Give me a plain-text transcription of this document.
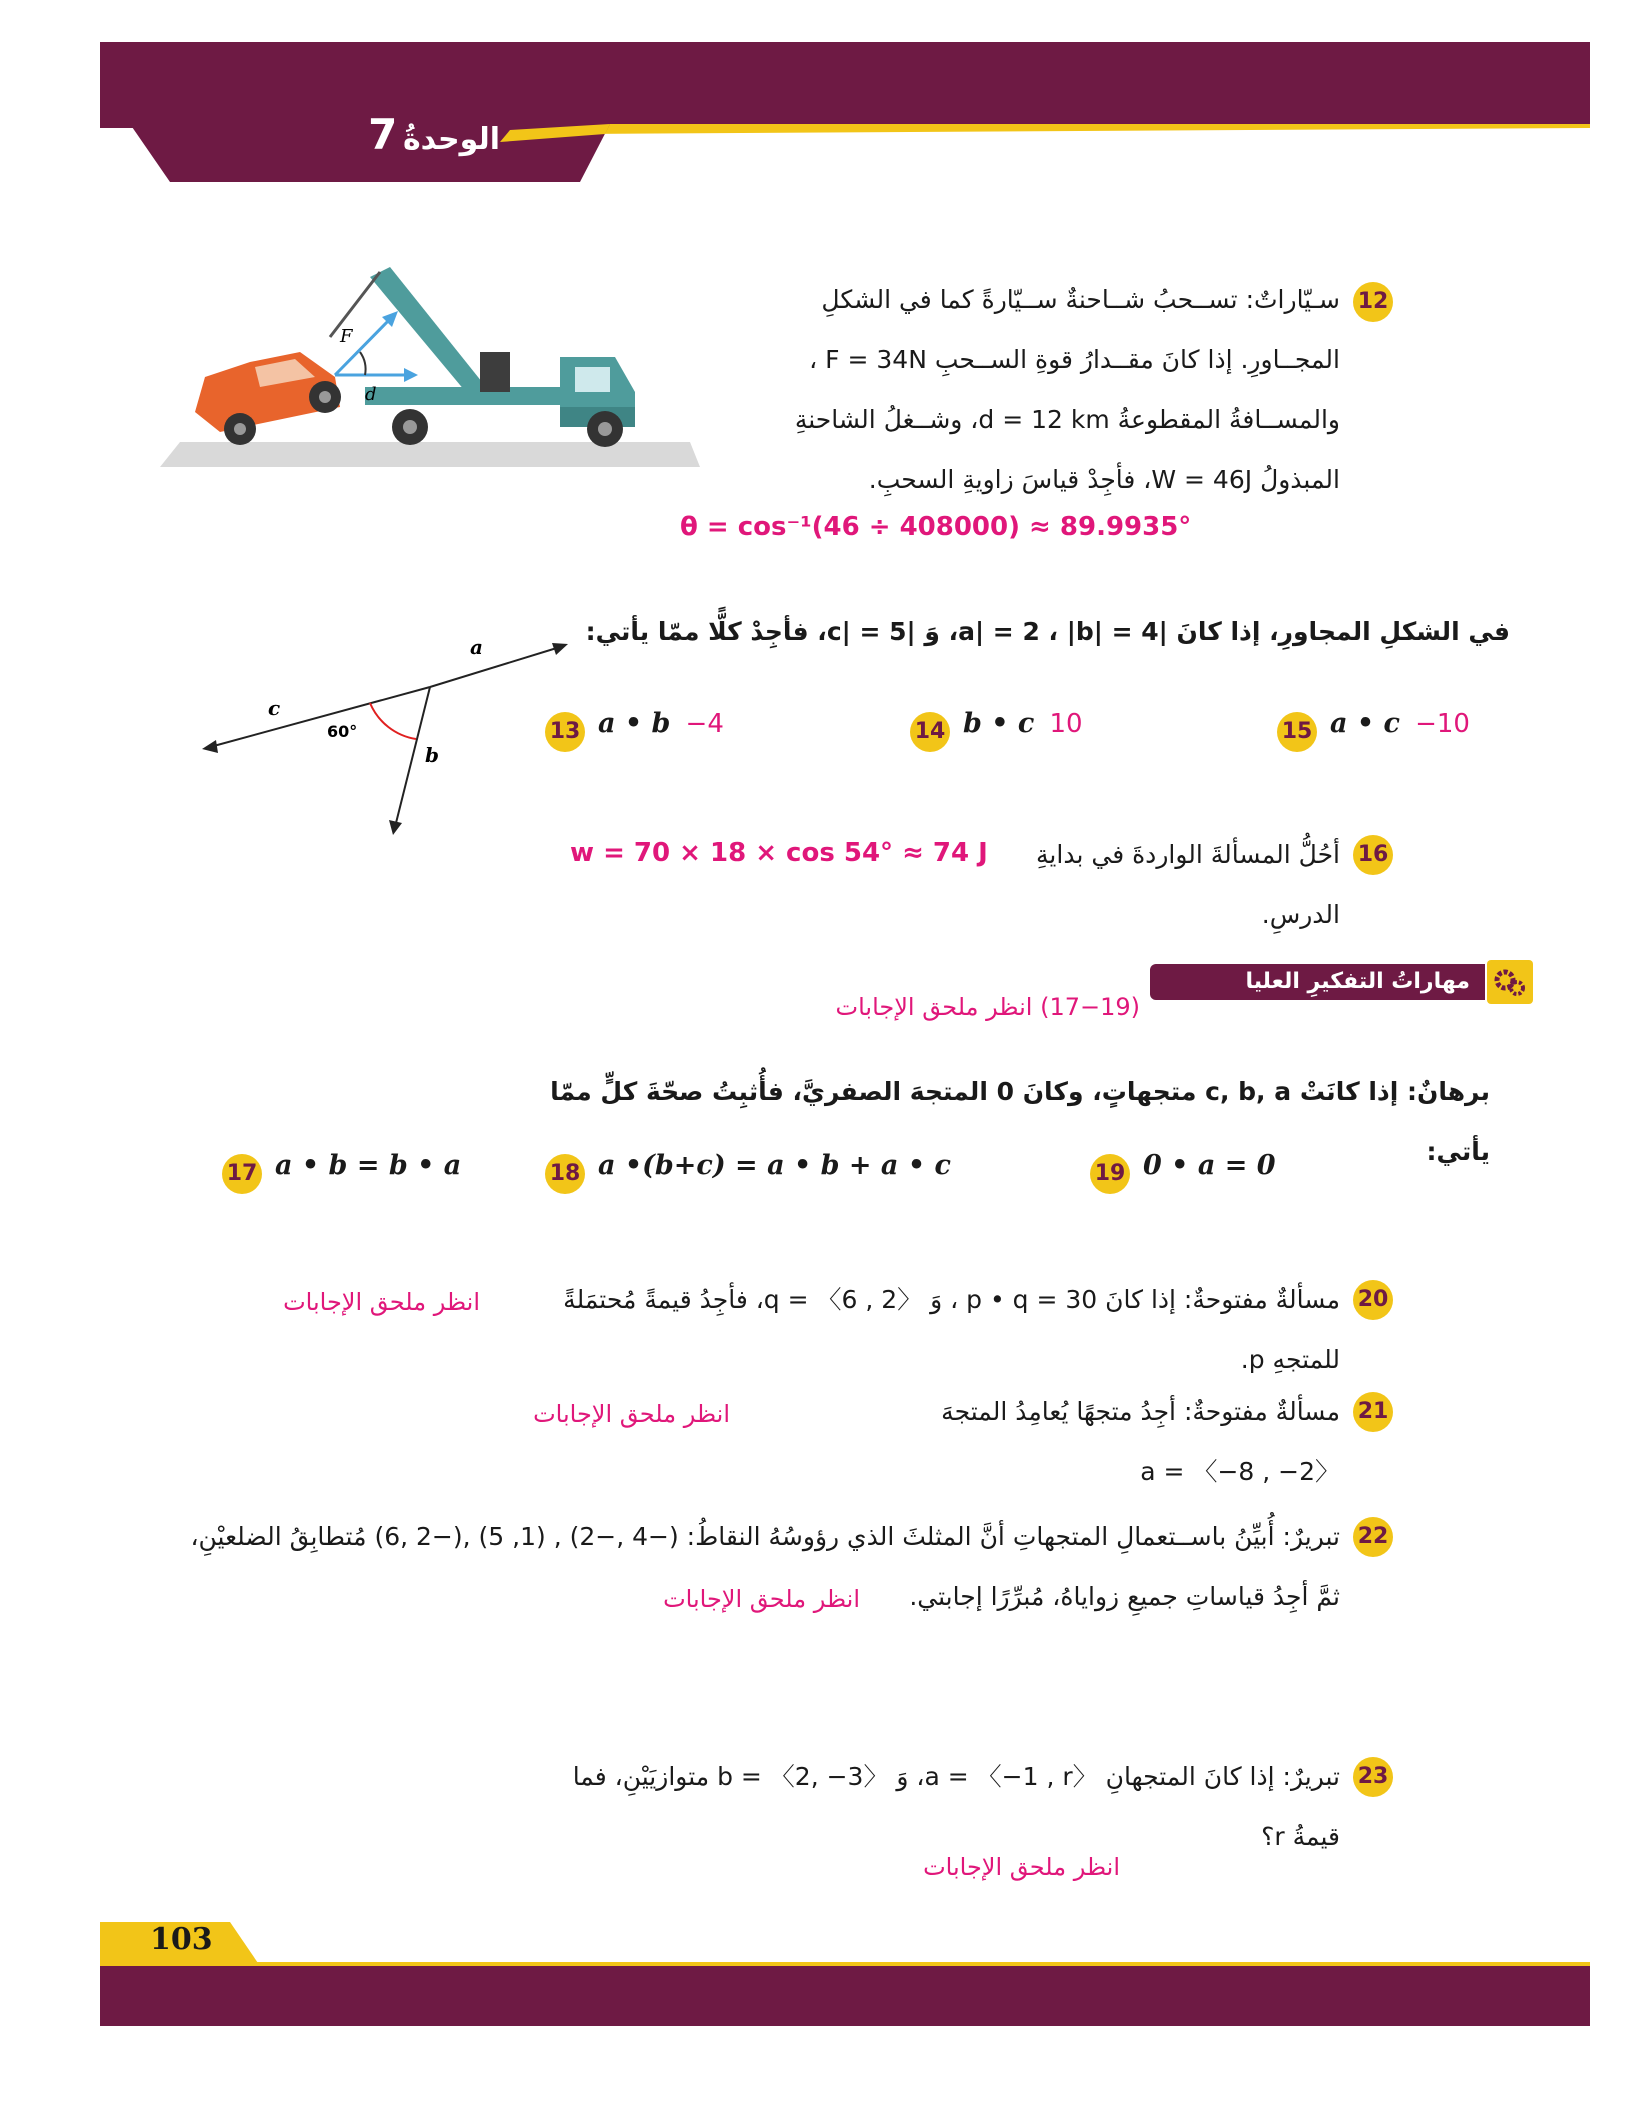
الوحدةُ 7
12
سـيّاراتٌ: تســحبُ شــاحنةٌ ســيّارةً كما في الشكلِ
المجــاورِ. إذا كانَ مقــدارُ قوةِ الســحبِ F = 34N ،
والمســافةُ المقطوعةُ d = 12 km، وشــغلُ الشاحنةِ
المبذولُ W = 46J، فأجِدْ قياسَ زاويةِ السحبِ.
θ = cos⁻¹(46 ÷ 408000) ≈ 89.9935°
F
d
في الشكلِ المجاورِ، إذا كانَ |a| = 2 ، |b| = 4، وَ |c| = 5، فأجِدْ كلًّا ممّا يأتي:
a
c
b
60°	13 a • b −4	14 b • c 10	15 a • c −10
16
أحُلُّ المسألةَ الواردةَ في بدايةِ الدرسِ.
w = 70 × 18 × cos 54° ≈ 74 J
مهاراتُ التفكيرِ العليا
(17−19) انظر ملحق الإجابات
برهانٌ: إذا كانَتْ c, b, a متجهاتٍ، وكانَ 0 المتجهَ الصفريَّ، فأُثبِتُ صحّةَ كلٍّ ممّا يأتي:
17 a • b = b • a	18 a •(b+c) = a • b + a • c	19 0 • a = 0
20
مسألةٌ مفتوحةٌ: إذا كانَ p • q = 30 ، وَ q = 〈6 , 2〉، فأجِدُ قيمةً مُحتمَلةً للمتجهِ p.
انظر ملحق الإجابات
21
مسألةٌ مفتوحةٌ: أجِدُ متجهًا يُعامِدُ المتجهَ a = 〈−8 , −2〉
انظر ملحق الإجابات
22
تبريرٌ: أُبيِّنُ باســتعمالِ المتجهاتِ أنَّ المثلثَ الذي رؤوسُهُ النقاطُ: (−4 ,−2) , (1, 5) ,(−2 ,6) مُتطابِقُ الضلعيْنِ،
ثمَّ أجِدُ قياساتِ جميعِ زواياهُ، مُبرِّرًا إجابتي.
انظر ملحق الإجابات
23
تبريرٌ: إذا كانَ المتجهانِ a = 〈−1 , r〉، وَ b = 〈2, −3〉 متوازيَيْنِ، فما قيمةُ r؟
انظر ملحق الإجابات
103
